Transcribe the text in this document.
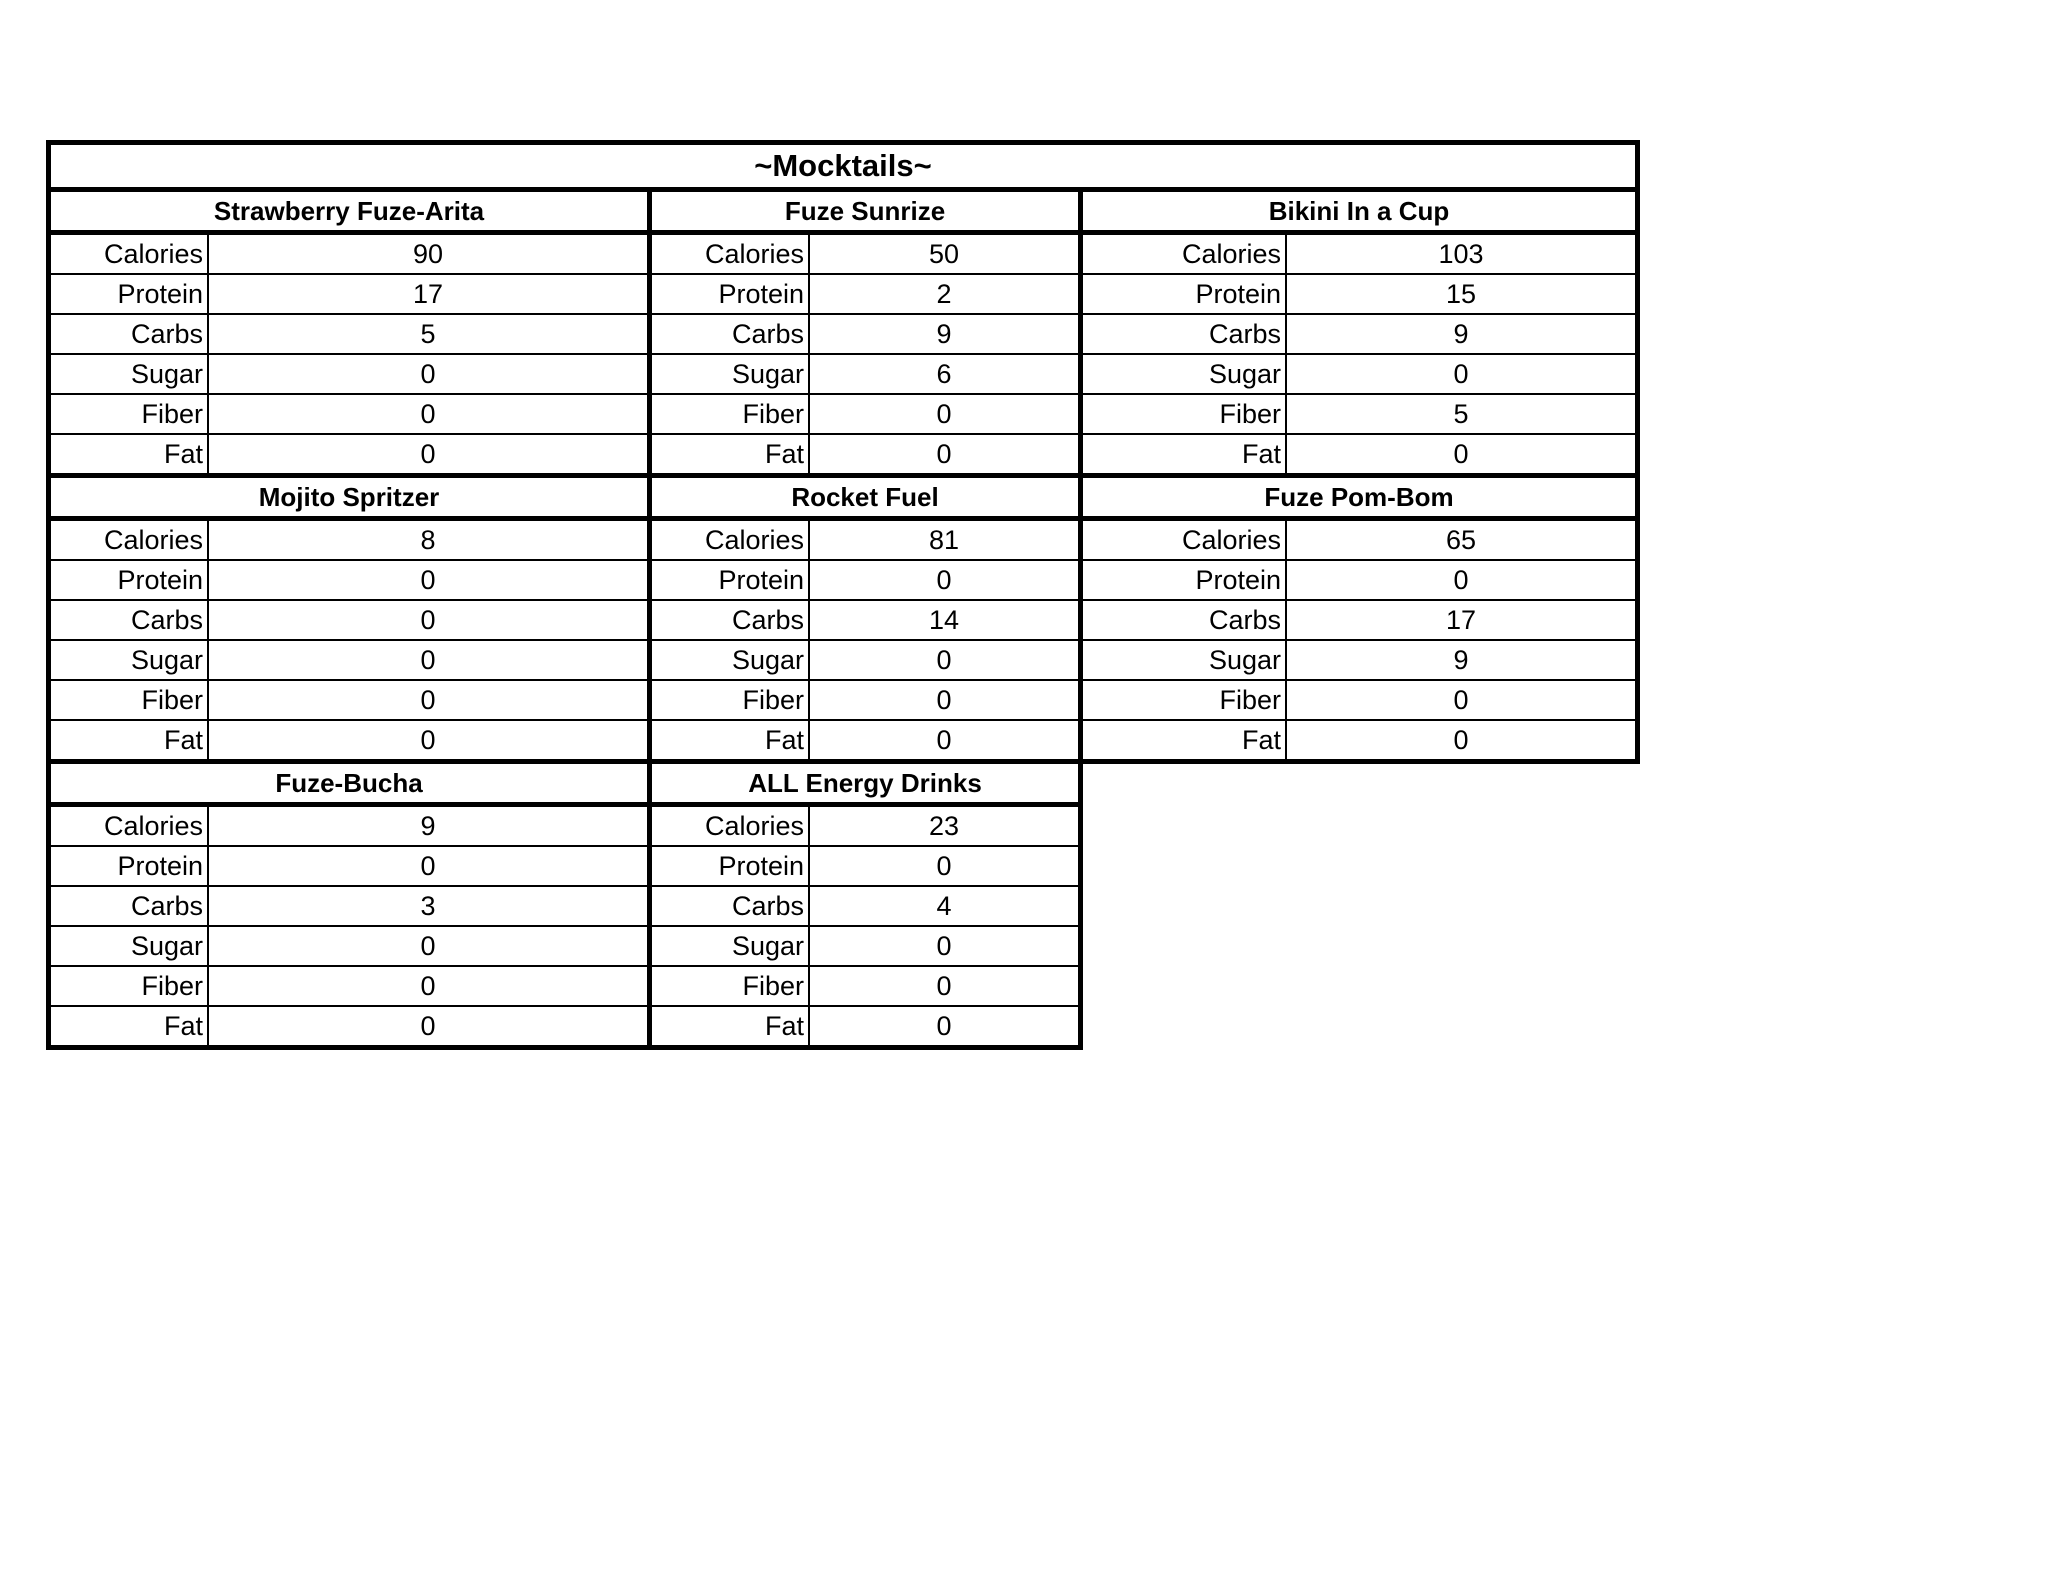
~Mocktails~
Strawberry Fuze-Arita
Calories	90
Protein	17
Carbs	5
Sugar	0
Fiber	0
Fat	0
Fuze Sunrize
Calories	50
Protein	2
Carbs	9
Sugar	6
Fiber	0
Fat	0
Bikini In a Cup
Calories	103
Protein	15
Carbs	9
Sugar	0
Fiber	5
Fat	0
Mojito Spritzer
Calories	8
Protein	0
Carbs	0
Sugar	0
Fiber	0
Fat	0
Rocket Fuel
Calories	81
Protein	0
Carbs	14
Sugar	0
Fiber	0
Fat	0
Fuze Pom-Bom
Calories	65
Protein	0
Carbs	17
Sugar	9
Fiber	0
Fat	0
Fuze-Bucha
Calories	9
Protein	0
Carbs	3
Sugar	0
Fiber	0
Fat	0
ALL Energy Drinks
Calories	23
Protein	0
Carbs	4
Sugar	0
Fiber	0
Fat	0
